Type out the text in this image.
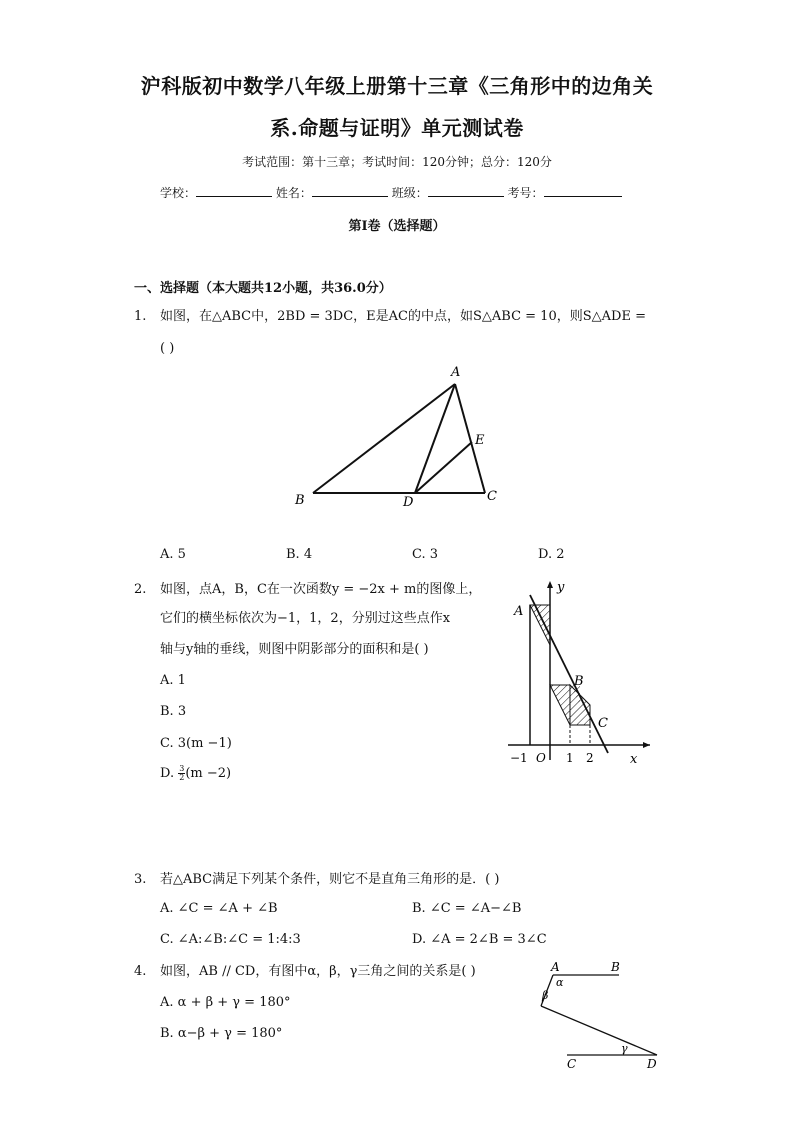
沪科版初中数学八年级上册第十三章《三角形中的边角关
系.命题与证明》单元测试卷
考试范围：第十三章；考试时间：120分钟；总分：120分
学校：	姓名：	班级：	考号：
第I卷（选择题）
一、选择题（本大题共12小题，共36.0分）
1. 如图，在△ABC中，2BD = 3DC，E是AC的中点，如S△ABC = 10，则S△ADE =
( )
A
B	C
D
E
A. 5	B. 4	C. 3	D. 2
2. 如图，点A，B，C在一次函数y = −2x + m的图像上，
它们的横坐标依次为−1，1，2，分别过这些点作x
轴与y轴的垂线，则图中阴影部分的面积和是( )
A. 1
B. 3
C. 3(m −1)
D. $\frac{3}{2} (m -2)$
y
x
A
B
C
−1 O 1 2
3. 若△ABC满足下列某个条件，则它不是直角三角形的是．( )
A. ∠C = ∠A + ∠B	B. ∠C = ∠A−∠B
C. ∠A:∠B:∠C = 1:4:3	D. ∠A = 2∠B = 3∠C
4. 如图，AB // CD，有图中α，β，γ三角之间的关系是( )
A. α + β + γ = 180°
B. α−β + γ = 180°
A	B
C	D
α
β
γ
